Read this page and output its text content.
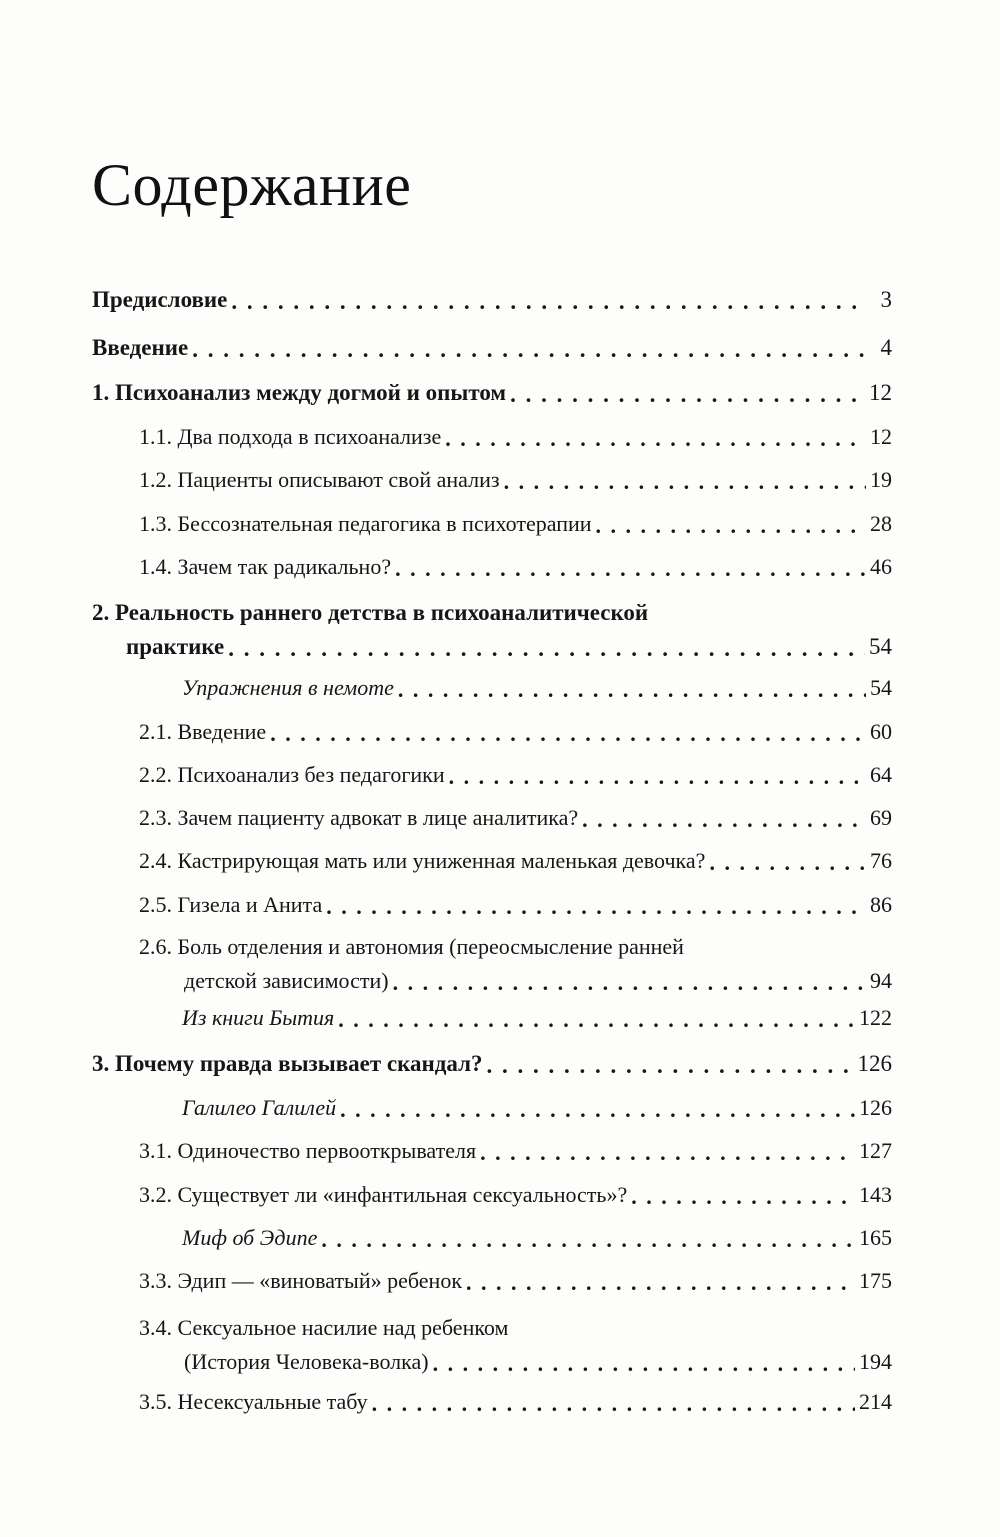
Содержание
Предисловие . . .	3
Введение . . .	4
1. Психоанализ между догмой и опытом . . .	12
1.1. Два подхода в психоанализе . . .	12
1.2. Пациенты описывают свой анализ . . .	19
1.3. Бессознательная педагогика в психотерапии . . .	28
1.4. Зачем так радикально? . . .	46
2. Реальность раннего детства в психоаналитической
практике . . .	54
Упражнения в немоте . . .	54
2.1. Введение . . .	60
2.2. Психоанализ без педагогики . . .	64
2.3. Зачем пациенту адвокат в лице аналитика? . . .	69
2.4. Кастрирующая мать или униженная маленькая девочка? . . .	76
2.5. Гизела и Анита . . .	86
2.6. Боль отделения и автономия (переосмысление ранней
детской зависимости) . . .	94
Из книги Бытия . . .	122
3. Почему правда вызывает скандал? . . .	126
Галилео Галилей . . .	126
3.1. Одиночество первооткрывателя . . .	127
3.2. Существует ли «инфантильная сексуальность»? . . .	143
Миф об Эдипе . . .	165
3.3. Эдип — «виноватый» ребенок . . .	175
3.4. Сексуальное насилие над ребенком
(История Человека-волка) . . .	194
3.5. Несексуальные табу . . .	214
